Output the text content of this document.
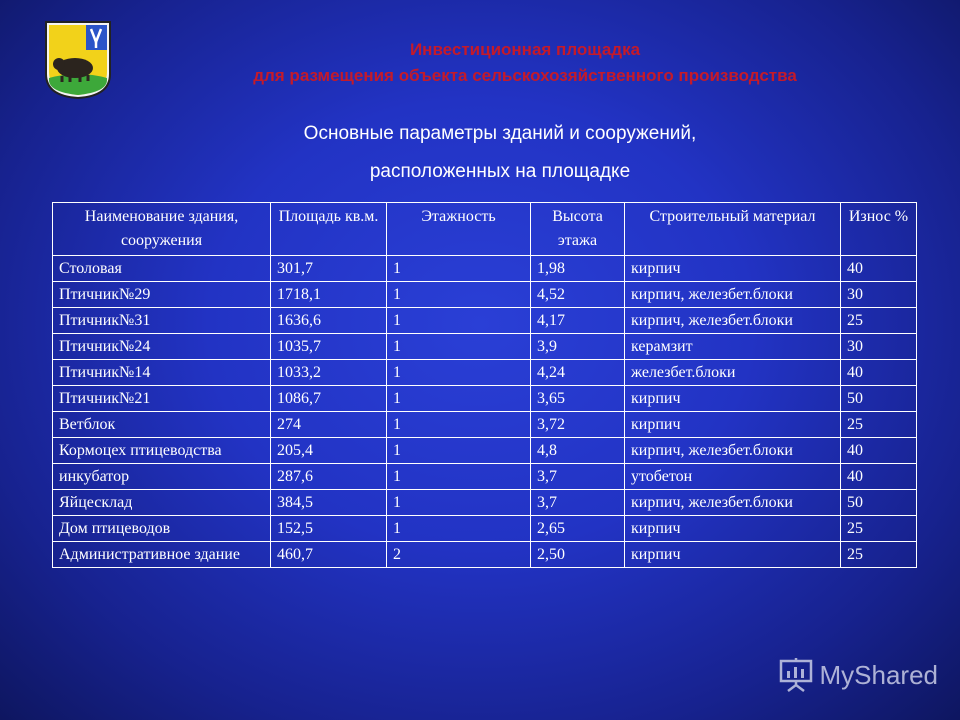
Инвестиционная площадка
для размещения объекта сельскохозяйственного производства
Основные параметры зданий и сооружений,
расположенных на площадке
Наименование здания, сооружения	Площадь кв.м.	Этажность	Высота этажа	Строительный материал	Износ %
Столовая	301,7	1	1,98	кирпич	40
Птичник№29	1718,1	1	4,52	кирпич, железбет.блоки	30
Птичник№31	1636,6	1	4,17	кирпич, железбет.блоки	25
Птичник№24	1035,7	1	3,9	керамзит	30
Птичник№14	1033,2	1	4,24	железбет.блоки	40
Птичник№21	1086,7	1	3,65	кирпич	50
Ветблок	274	1	3,72	кирпич	25
Кормоцех птицеводства	205,4	1	4,8	кирпич, железбет.блоки	40
инкубатор	287,6	1	3,7	утобетон	40
Яйцесклад	384,5	1	3,7	кирпич, железбет.блоки	50
Дом птицеводов	152,5	1	2,65	кирпич	25
Административное здание	460,7	2	2,50	кирпич	25
MyShared
